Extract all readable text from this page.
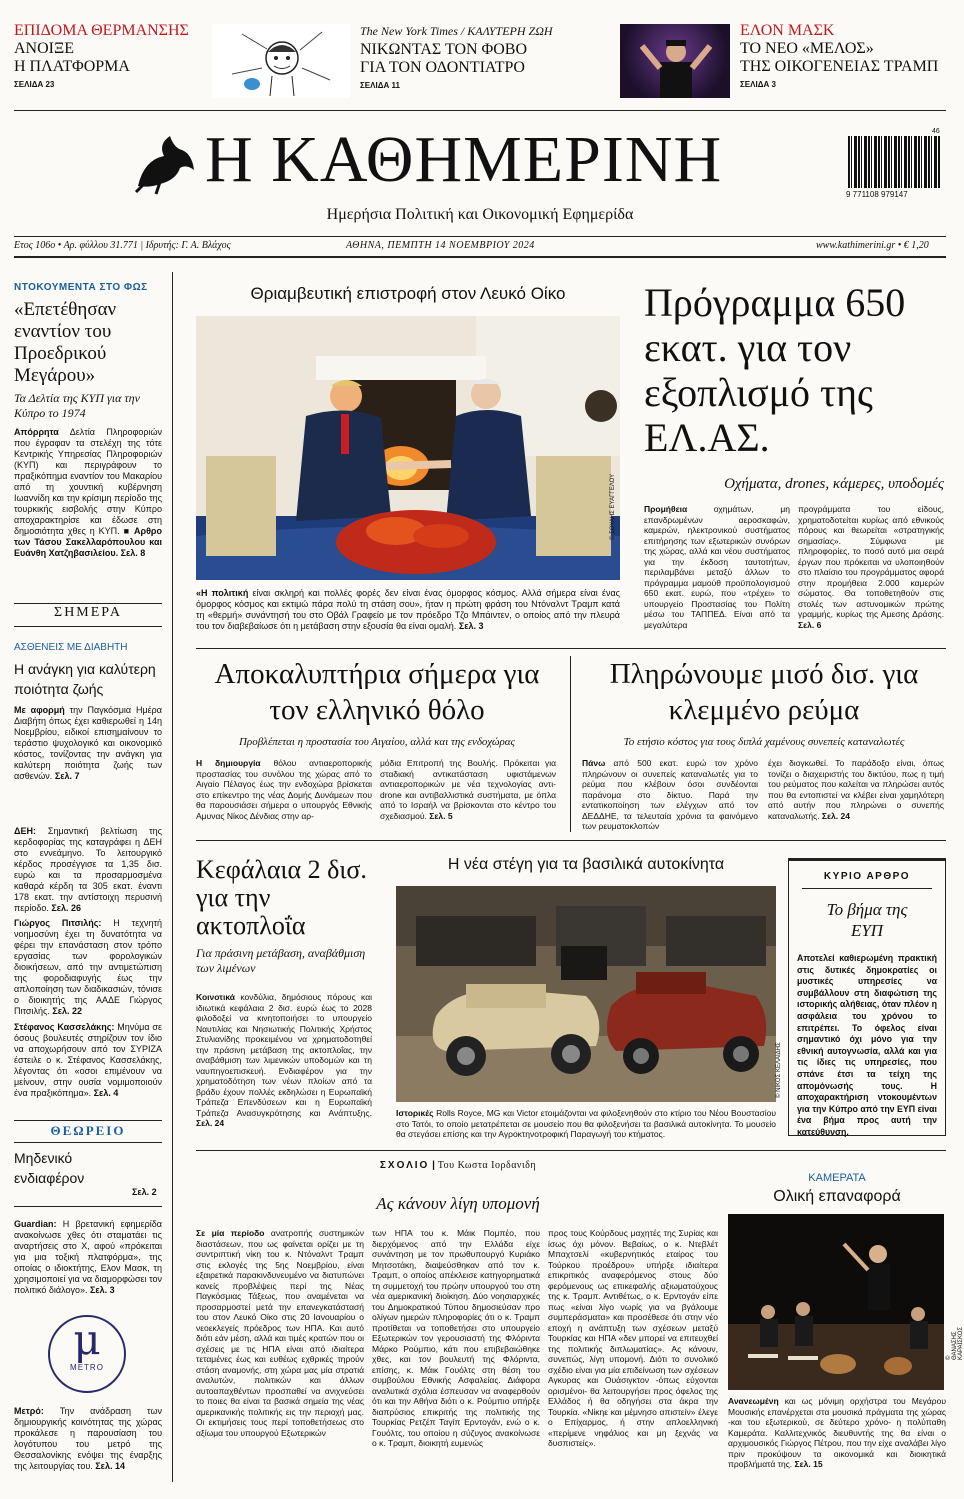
ΕΠΙΔΟΜΑ ΘΕΡΜΑΝΣΗΣ
ΑΝΟΙΞΕ
Η ΠΛΑΤΦΟΡΜΑ
ΣΕΛΙΔΑ 23
The New York Times / ΚΑΛΥΤΕΡΗ ΖΩΗ
ΝΙΚΩΝΤΑΣ ΤΟΝ ΦΟΒΟ
ΓΙΑ ΤΟΝ ΟΔΟΝΤΙΑΤΡΟ
ΣΕΛΙΔΑ 11
ΕΛΟΝ ΜΑΣΚ
ΤΟ ΝΕΟ «ΜΕΛΟΣ»
ΤΗΣ ΟΙΚΟΓΕΝΕΙΑΣ ΤΡΑΜΠ
ΣΕΛΙΔΑ 3
Η ΚΑΘΗΜΕΡΙΝΗ
Ημερήσια Πολιτική και Οικονομική Εφημερίδα
9 771108 979147
46
Ετος 106ο • Αρ. φύλλου 31.771 | Ιδρυτής: Γ. Α. Βλάχος	ΑΘΗΝΑ, ΠΕΜΠΤΗ 14 ΝΟΕΜΒΡΙΟΥ 2024	www.kathimerini.gr • € 1,20
ΝΤΟΚΟΥΜΕΝΤΑ ΣΤΟ ΦΩΣ
«Επετέθησαν εναντίον του Προεδρικού Μεγάρου»
Τα Δελτία της ΚΥΠ για την Κύπρο το 1974
Απόρρητα Δελτία Πληροφοριών που έγραφαν τα στελέχη της τότε Κεντρικής Υπηρεσίας Πληροφοριών (ΚΥΠ) και περιγράφουν το πραξικόπημα εναντίον του Μακαρίου από τη χουντική κυβέρνηση Ιωαννίδη και την κρίσιμη περίοδο της τουρκικής εισβολής στην Κύπρο αποχαρακτηρίσε και έδωσε στη δημοσιότητα χθες η ΚΥΠ. ■ Αρθρο των Τάσου Σακελλαρόπουλου και Ευάνθη Χατζηβασιλείου. Σελ. 8
ΣΗΜΕΡΑ
ΑΣΘΕΝΕΙΣ ΜΕ ΔΙΑΒΗΤΗ
Η ανάγκη για καλύτερη ποιότητα ζωής
Με αφορμή την Παγκόσμια Ημέρα Διαβήτη όπως έχει καθιερωθεί η 14η Νοεμβρίου, ειδικοί επισημαίνουν το τεράστιο ψυχολογικό και οικονομικό κόστος, τονίζοντας την ανάγκη για καλύτερη ποιότητα ζωής των ασθενών. Σελ. 7
ΔΕΗ: Σημαντική βελτίωση της κερδοφορίας της καταγράφει η ΔΕΗ στο εννεάμηνο. Το λειτουργικό κέρδος προσέγγισε τα 1,35 δισ. ευρώ και τα προσαρμοσμένα καθαρά κέρδη τα 305 εκατ. έναντι 178 εκατ. την αντίστοιχη περυσινή περίοδο. Σελ. 26
Γιώργος Πιτσιλής: Η τεχνητή νοημοσύνη έχει τη δυνατότητα να φέρει την επανάσταση στον τρόπο εργασίας των φορολογικών διοικήσεων, από την αντιμετώπιση της φοροδιαφυγής έως την απλοποίηση των διαδικασιών, τόνισε ο διοικητής της ΑΑΔΕ Γιώργος Πιτσιλής. Σελ. 22
Στέφανος Κασσελάκης: Μηνύμα σε όσους βουλευτές στηρίζουν τον ίδιο να αποχωρήσουν από τον ΣΥΡΙΖΑ έστειλε ο κ. Στέφανος Κασσελάκης, λέγοντας ότι «οσοι επιμένουν να μείνουν, στην ουσία νομιμοποιούν ένα πραξικόπημα». Σελ. 4
ΘΕΩΡΕΙΟ
Μηδενικό ενδιαφέρον
Σελ. 2
Guardian: Η βρετανική εφημερίδα ανακοίνωσε χθες ότι σταματάει τις αναρτήσεις στο Χ, αφού «πρόκειται για μια τοξική πλατφόρμα», της οποίας ο ιδιοκτήτης, Ελον Μασκ, τη χρησιμοποιεί για να διαμορφώσει τον πολιτικό διάλογο». Σελ. 3
μ
METRO
Μετρό: Την ανάδραση των δημιουργικής κοινότητας της χώρας προκάλεσε η παρουσίαση του λογότυπου του μετρό της Θεσσαλονίκης ενόψει της έναρξης της λειτουργίας του. Σελ. 14
Θριαμβευτική επιστροφή στον Λευκό Οίκο
© ΣΟΥΛΗΣ ΕΥΑΓΓΕΛΟΥ
«Η πολιτική είναι σκληρή και πολλές φορές δεν είναι ένας όμορφος κόσμος. Αλλά σήμερα είναι ένας όμορφος κόσμος και εκτιμώ πάρα πολύ τη στάση σου», ήταν η πρώτη φράση του Ντόναλντ Τραμπ κατά τη «θερμή» συνάντησή του στο Οβάλ Γραφείο με τον πρόεδρο Τζο Μπάιντεν, ο οποίος από την πλευρά του τον διαβεβαίωσε ότι η μετάβαση στην εξουσία θα είναι ομαλή. Σελ. 3
Πρόγραμμα 650 εκατ. για τον εξοπλισμό της ΕΛ.ΑΣ.
Οχήματα, drones, κάμερες, υποδομές
Προμήθεια οχημάτων, μη επανδρωμένων αεροσκαφών, καμερών, ηλεκτρονικού συστήματος επιτήρησης των εξωτερικών συνόρων της χώρας, αλλά και νέου συστήματος για την έκδοση ταυτοτήτων, περιλαμβάνει μεταξύ άλλων το πρόγραμμα μαμούθ προϋπολογισμού 650 εκατ. ευρώ, που «τρέχει» το υπουργείο Προστασίας του Πολίτη μέσω του ΤΑΠΠΕΔ. Είναι από τα μεγαλύτερα
προγράμματα του είδους, χρηματοδοτείται κυρίως από εθνικούς πόρους και θεωρείται «στρατηγικής σημασίας». Σύμφωνα με πληροφορίες, το ποσό αυτό μια σειρά έργων που πρόκειται να υλοποιηθούν στο πλαίσιο του προγράμματος αφορά στην προμήθεια 2.000 καμερών σώματος. Θα τοποθετηθούν στις στολές των αστυνομικών πρώτης γραμμής, κυρίως της Αμεσης Δράσης. Σελ. 6
Αποκαλυπτήρια σήμερα για τον ελληνικό θόλο
Προβλέπεται η προστασία του Αιγαίου, αλλά και της ενδοχώρας
Η δημιουργία θόλου αντιαεροπορικής προστασίας του συνόλου της χώρας από το Αιγαίο Πέλαγος έως την ενδοχώρα βρίσκεται στο επίκεντρο της νέας Δομής Δυνάμεων που θα παρουσιάσει σήμερα ο υπουργός Εθνικής Αμυνας Νίκος Δένδιας στην αρ-
μόδια Επιτροπή της Βουλής. Πρόκειται για σταδιακή αντικατάσταση υφιστάμενων αντιαεροπορικών με νέα τεχνολογίας αντι-drone και αντιβαλλιστικά συστήματα, με όπλα από το Ισραήλ να βρίσκονται στο κέντρο του σχεδιασμού. Σελ. 5
Πληρώνουμε μισό δισ. για κλεμμένο ρεύμα
Το ετήσιο κόστος για τους διπλά χαμένους συνεπείς καταναλωτές
Πάνω από 500 εκατ. ευρώ τον χρόνο πληρώνουν οι συνεπείς καταναλωτές για το ρεύμα που κλέβουν όσοι συνδέονται παράνομα στο δίκτυο. Παρά την εντατικοποίηση των ελέγχων από τον ΔΕΔΔΗΕ, τα τελευταία χρόνια τα φαινόμενο των ρευματοκλοπών
έχει διογκωθεί. Το παράδοξο είναι, όπως τονίζει ο διαχειριστής του δικτύου, πως η τιμή του ρεύματος που καλείται να πληρώσει αυτός που θα εντοπιστεί να κλέβει είναι χαμηλότερη από αυτήν που πληρώνει ο συνεπής καταναλωτής. Σελ. 24
Κεφάλαια 2 δισ. για την ακτοπλοΐα
Για πράσινη μετάβαση, αναβάθμιση των λιμένων
Κοινοτικά κονδύλια, δημόσιους πόρους και ιδιωτικά κεφάλαια 2 δισ. ευρώ έως το 2028 φιλοδοξεί να κινητοποιήσει το υπουργείο Ναυτιλίας και Νησιωτικής Πολιτικής Χρήστος Στυλιανίδης προκειμένου να χρηματοδοτηθεί την πράσινη μετάβαση της ακτοπλοΐας, την αναβάθμιση των λιμενικών υποδομών και τη ναυπηγοεπισκευή. Ενδιαφέρον για την χρηματοδότηση των νέων πλοίων από τα βράδυ έχουν πολλές εκδηλώσει η Ευρωπαϊκή Τράπεζα Επενδύσεων και η Ευρωπαϊκή Τράπεζα Ανασυγκρότησης και Ανάπτυξης. Σελ. 24
Η νέα στέγη για τα βασιλικά αυτοκίνητα
© ΝΙΚΟΣ ΚΕΛΑΙΔΗΣ
Ιστορικές Rolls Royce, MG και Victor ετοιμάζονται να φιλοξενηθούν στο κτίριο του Νέου Βουστασίου στο Τατόι, το οποίο μετατρέπεται σε μουσείο που θα φιλοξενήσει τα βασιλικά αυτοκίνητα. Το μουσείο θα στεγάσει επίσης και την Αγροκτηνοτροφική Παραγωγή του κτήματος.
ΚΥΡΙΟ ΑΡΘΡΟ
Το βήμα της ΕΥΠ
Αποτελεί καθιερωμένη πρακτική στις δυτικές δημοκρατίες οι μυστικές υπηρεσίες να συμβάλλουν στη διαφώτιση της ιστορικής αλήθειας, όταν πλέον η ασφάλεια του χρόνου το επιτρέπει. Το όφελος είναι σημαντικό όχι μόνο για την εθνική αυτογνωσία, αλλά και για τις ίδιες τις υπηρεσίες, που σπάνε έτσι τα τείχη της απομόνωσής τους. Η αποχαρακτήριση ντοκουμέντων για την Κύπρο από την ΕΥΠ είναι ένα βήμα προς αυτή την κατεύθυνση.
ΣΧΟΛΙΟ | Του Κωστα Ιορδανιδη
Ας κάνουν λίγη υπομονή
Σε μία περίοδο ανατροπής συστημικών διαστάσεων, που ως φαίνεται ορίζει με τη συντριπτική νίκη του κ. Ντόναλντ Τραμπ στις εκλογές της 5ης Νοεμβρίου, είναι εξαιρετικά παρακινδυνευμένο να διατυπώνει κανείς προβλέψεις περί της Νέας Παγκόσμιας Τάξεως, που αναμένεται να προσαρμοστεί μετά την επανεγκατάστασή του στον Λευκό Οίκο στις 20 Ιανουαρίου ο νεοεκλεγείς πρόεδρος των ΗΠΑ. Και αυτό διότι εάν μέση, αλλά και τιμές κρατών που οι σχέσεις με τις ΗΠΑ είναι από ιδιαίτερα τεταμένες έως και ευθέως εχθρικές τηρούν στάση αναμονής, στη χώρα μας μία στρατιά αναλυτών, πολιτικών και άλλων αυτοαπαχθέντων προσπαθεί να ανιχνεύσει το ποιες θα είναι τα βασικά σημεία της νέας αμερικανικής πολιτικής εις την περιοχή μας. Οι εκτιμήσεις τους περί τοποθετήσεως στο αξίωμα του υπουργού Εξωτερικών
των ΗΠΑ του κ. Μάικ Πομπέο, που διερχόμενος από την Ελλάδα είχε συνάντηση με τον πρωθυπουργό Κυριάκο Μητσοτάκη, διαψεύσθηκαν από τον κ. Τραμπ, ο οποίος απέκλεισε κατηγορηματικά τη συμμετοχή του πρώην υπουργού του στη νέα αμερικανική διοίκηση. Δύο νοησιαρχικές του Δημοκρατικού Τύπου δημοσιεύσαν προ ολίγων ημερών πληροφορίες ότι ο κ. Τραμπ προτίθεται να τοποθετήσει στο υπουργείο Εξωτερικών τον γερουσιαστή της Φλόριντα Μάρκο Ρούμπιο, κάτι που επιβεβαιώθηκε χθες, και τον βουλευτή της Φλόριντα, επίσης, κ. Μάικ Γουόλτς στη θέση του συμβούλου Εθνικής Ασφαλείας. Διάφορα αναλυτικά σχόλια έσπευσαν να αναφερθούν ότι και την Αθήνα διότι ο κ. Ρούμπιο υπήρξε διαπρύσιος επικριτής της πολιτικής της Τουρκίας Ρετζέπ Ταγίπ Ερντογάν, ενώ ο κ. Γουόλτς, του οποίου η σύζυγος ανακοίνωσε ο κ. Τραμπ, διοικητή ευμενώς
προς τους Κούρδους μαχητές της Συρίας και ίσως όχι μόνον. Βεβαίως, ο κ. Ντεβλέτ Μπαχτσελί «κυβερνητικός εταίρος του Τούρκου προέδρου» υπήρξε ιδιαίτερα επικριτικός αναφερόμενος στους δύο φερόμενους ως επικεφαλής αξιωματούχους της κ. Τραμπ. Αντιθέτως, ο κ. Ερντογάν είπε πως «είναι λίγο νωρίς για να βγάλουμε συμπεράσματα» και προσέθεσε ότι στην νέο εποχή η ανάπτυξη των σχέσεων μεταξύ Τουρκίας και ΗΠΑ «δεν μπορεί να επιτευχθεί της πολιτικής διπλωματίας». Ας κάνουν, συνεπώς, λίγη υπομονή. Διότι το συνολικό σχέδιο είναι για μία επιδείνωση των σχέσεων Αγκυρας και Ουάσιγκτον -όπως εύχονται ορισμένοι- θα λειτουργήσει προς όφελος της Ελλάδος ή θα οδηγήσει στα άκρα την Τουρκία. «Νίκηε και μέμνησο απιστείν» έλεγε ο Επίχαρμος, ή στην απλοελληνική «περίμενε νηφάλιος και μη ξεχνάς να δυσπιστείς».
ΚΑΜΕΡΑΤΑ
Ολική επαναφορά
© ΘΑΝΑΣΗΣ ΚΑΡΑΪΣΚΟΣ
Ανανεωμένη και ως μόνιμη ορχήστρα του Μεγάρου Μουσικής επανέρχεται στα μουσικά πράγματα της χώρας -και του εξωτερικού, σε δεύτερο χρόνο- η πολύπαθη Καμεράτα. Καλλιτεχνικός διευθυντής της θα είναι ο αρχιμουσικός Γιώργος Πέτρου, που την είχε αναλάβει λίγο πριν προκύψουν τα οικονομικά και διοικητικά προβλήματά της. Σελ. 15
